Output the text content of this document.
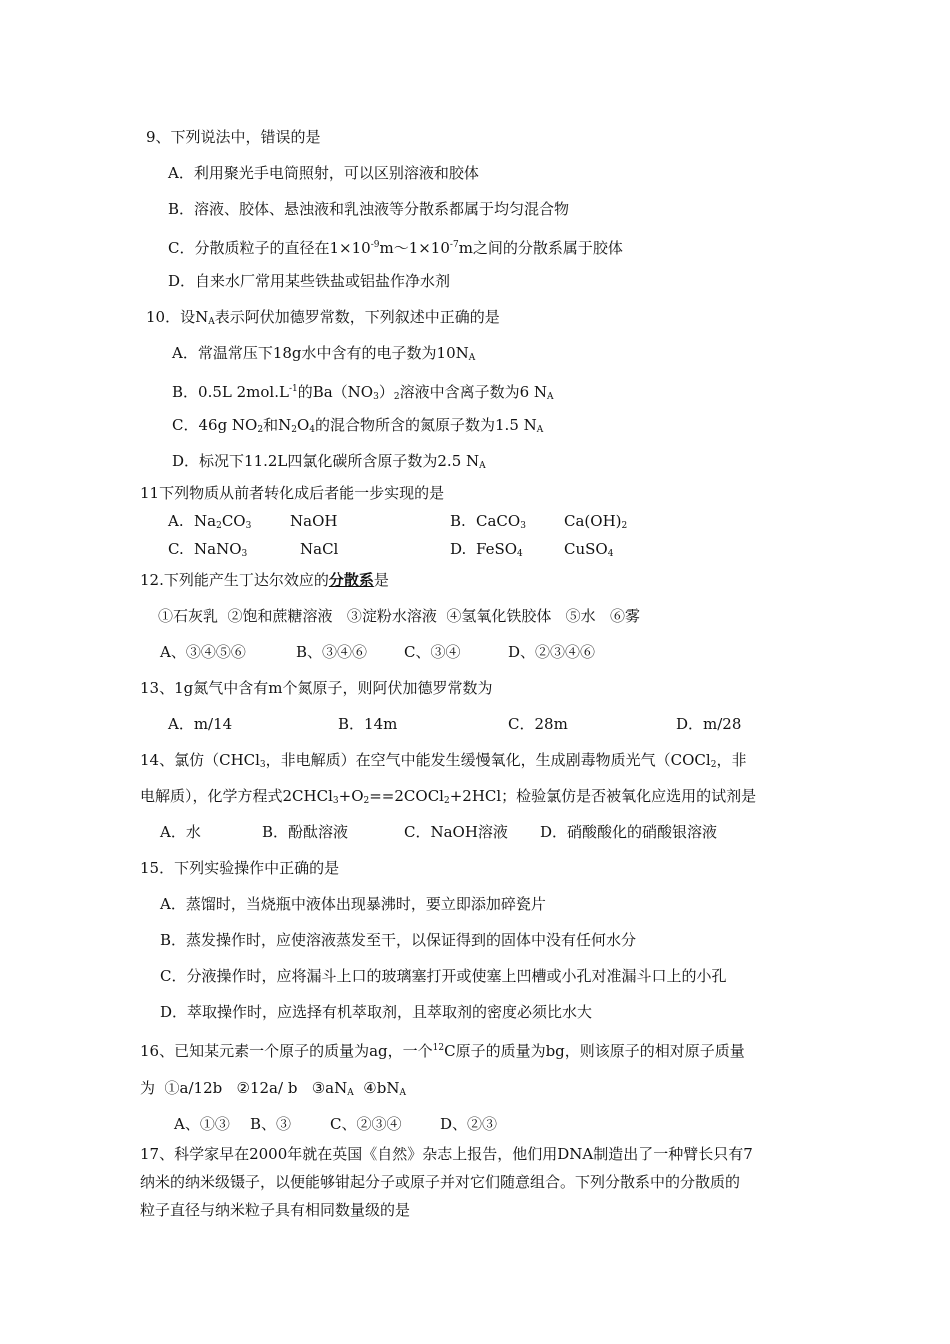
9、下列说法中，错误的是
A．利用聚光手电筒照射，可以区别溶液和胶体
B．溶液、胶体、悬浊液和乳浊液等分散系都属于均匀混合物
C．分散质粒子的直径在$1\times 10^{-9}m\sim 1\times 10^{-7}m$之间的分散系属于胶体
D．自来水厂常用某些铁盐或铝盐作净水剂
10．设$N_A$表示阿伏加德罗常数，下列叙述中正确的是
A．常温常压下18g水中含有的电子数为$10N_A$
B．0.5L $2mol.L^{-1}$的$Ba(NO_3)_2$溶液中含离子数为6 $N_A$
C．46g $NO_2$和$N_2O_4$的混合物所含的氮原子数为1.5 $N_A$
D．标况下11.2L四氯化碳所含原子数为2.5 $N_A$
11下列物质从前者转化成后者能一步实现的是
A. $Na_2CO_3$	NaOH	B. CaCO$_3$	$Ca(OH)_2$
C. NaNO$_3$	NaCl	D. FeSO$_4$	CuSO$_4$
12.下列能产生丁达尔效应的分散系是
①石灰乳  ②饱和蔗糖溶液   ③淀粉水溶液  ④氢氧化铁胶体   ⑤水   ⑥雾
A、③④⑤⑥	B、③④⑥ C、③④	D、②③④⑥
13、1g氮气中含有m个氮原子，则阿伏加德罗常数为
A．m/14	B．14m	C．28m	D．m/28
14、氯仿（CHCl$_3$，非电解质）在空气中能发生缓慢氧化，生成剧毒物质光气（COCl$_2$，非
电解质），化学方程式$2CHCl_3+O_2==2COCl_2+2HCl$；检验氯仿是否被氧化应选用的试剂是
A．水	B．酚酞溶液	C．NaOH溶液 D．硝酸酸化的硝酸银溶液
15．下列实验操作中正确的是
A．蒸馏时，当烧瓶中液体出现暴沸时，要立即添加碎瓷片
B．蒸发操作时，应使溶液蒸发至干，以保证得到的固体中没有任何水分
C．分液操作时，应将漏斗上口的玻璃塞打开或使塞上凹槽或小孔对准漏斗口上的小孔
D．萃取操作时，应选择有机萃取剂，且萃取剂的密度必须比水大
16、已知某元素一个原子的质量为ag，一个$^{12}$C原子的质量为bg，则该原子的相对原子质量
为  ①a/12b   ②12a/ b   $③aN_A$  $④bN_A$
A、①③ B、③	C、②③④	D、②③
17、科学家早在2000年就在英国《自然》杂志上报告，他们用DNA制造出了一种臂长只有7
纳米的纳米级镊子，以便能够钳起分子或原子并对它们随意组合。下列分散系中的分散质的
粒子直径与纳米粒子具有相同数量级的是
